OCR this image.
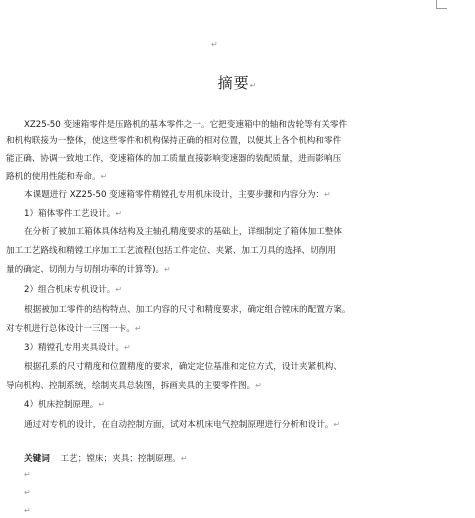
↵
摘要↵
XZ25-50 变速箱零件是压路机的基本零件之一。它把变速箱中的轴和齿轮等有关零件
和机构联接为一整体，使这些零件和机构保持正确的相对位置，以便其上各个机构和零件
能正确、协调一致地工作，变速箱体的加工质量直接影响变速器的装配质量，进而影响压
路机的使用性能和寿命。↵
本课题进行 XZ25-50 变速箱零件精镗孔专用机床设计，主要步骤和内容分为：↵
1）箱体零件工艺设计。↵
在分析了被加工箱体具体结构及主轴孔精度要求的基础上，详细制定了箱体加工整体
加工工艺路线和精镗工序加工工艺流程(包括工件定位、夹紧、加工刀具的选择、切削用
量的确定、切削力与切削功率的计算等)。↵
2）组合机床专机设计。↵
根据被加工零件的结构特点、加工内容的尺寸和精度要求，确定组合镗床的配置方案。
对专机进行总体设计一三图一卡。↵
3）精镗孔专用夹具设计。↵
根据孔系的尺寸精度和位置精度的要求，确定定位基准和定位方式，设计夹紧机构、
导向机构、控制系统，绘制夹具总装图，拆画夹具的主要零件图。↵
4）机床控制原理。↵
通过对专机的设计，在自动控制方面，试对本机床电气控制原理进行分析和设计。↵
关键词 工艺；镗床；夹具；控制原理。↵
↵
↵
↵
